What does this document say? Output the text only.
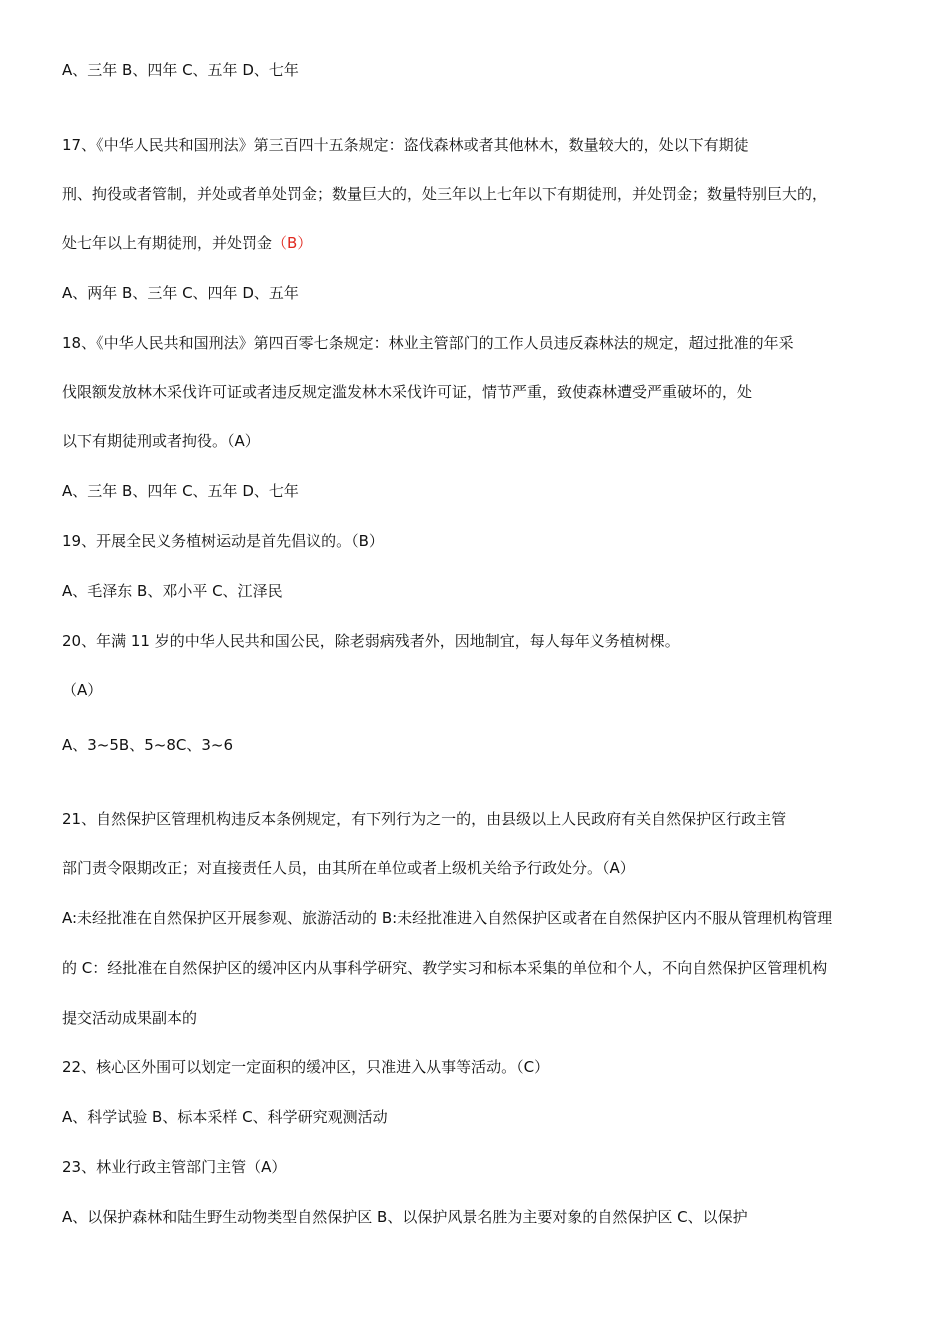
A、三年 B、四年 C、五年 D、七年
17、《中华人民共和国刑法》第三百四十五条规定：盗伐森林或者其他林木，数量较大的，处以下有期徒
刑、拘役或者管制，并处或者单处罚金；数量巨大的，处三年以上七年以下有期徒刑，并处罚金；数量特别巨大的，
处七年以上有期徒刑，并处罚金（B）
A、两年 B、三年 C、四年 D、五年
18、《中华人民共和国刑法》第四百零七条规定：林业主管部门的工作人员违反森林法的规定，超过批准的年采
伐限额发放林木采伐许可证或者违反规定滥发林木采伐许可证，情节严重，致使森林遭受严重破坏的，处
以下有期徒刑或者拘役。（A）
A、三年 B、四年 C、五年 D、七年
19、开展全民义务植树运动是首先倡议的。（B）
A、毛泽东 B、邓小平 C、江泽民
20、年满 11 岁的中华人民共和国公民，除老弱病残者外，因地制宜，每人每年义务植树棵。
（A）
A、3~5B、5~8C、3~6
21、自然保护区管理机构违反本条例规定，有下列行为之一的，由县级以上人民政府有关自然保护区行政主管
部门责令限期改正；对直接责任人员，由其所在单位或者上级机关给予行政处分。（A）
A:未经批准在自然保护区开展参观、旅游活动的 B:未经批准进入自然保护区或者在自然保护区内不服从管理机构管理
的 C：经批准在自然保护区的缓冲区内从事科学研究、教学实习和标本采集的单位和个人，不向自然保护区管理机构
提交活动成果副本的
22、核心区外围可以划定一定面积的缓冲区，只准进入从事等活动。（C）
A、科学试验 B、标本采样 C、科学研究观测活动
23、林业行政主管部门主管（A）
A、以保护森林和陆生野生动物类型自然保护区 B、以保护风景名胜为主要对象的自然保护区 C、以保护
